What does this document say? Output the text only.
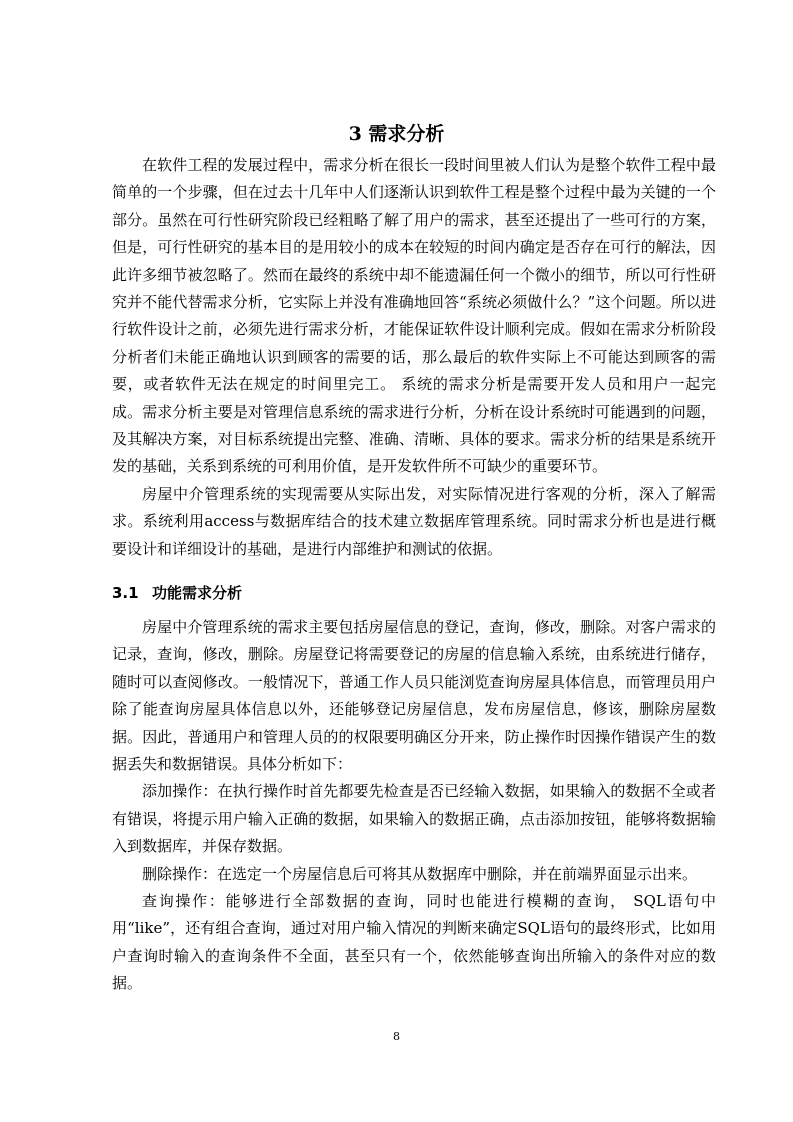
3 需求分析

在软件工程的发展过程中，需求分析在很长一段时间里被人们认为是整个软件工程中最简单的一个步骤，但在过去十几年中人们逐渐认识到软件工程是整个过程中最为关键的一个部分。虽然在可行性研究阶段已经粗略了解了用户的需求，甚至还提出了一些可行的方案，但是，可行性研究的基本目的是用较小的成本在较短的时间内确定是否存在可行的解法，因此许多细节被忽略了。然而在最终的系统中却不能遗漏任何一个微小的细节，所以可行性研究并不能代替需求分析，它实际上并没有准确地回答“系统必须做什么？”这个问题。所以进行软件设计之前，必须先进行需求分析，才能保证软件设计顺利完成。假如在需求分析阶段分析者们未能正确地认识到顾客的需要的话，那么最后的软件实际上不可能达到顾客的需要，或者软件无法在规定的时间里完工。 系统的需求分析是需要开发人员和用户一起完成。需求分析主要是对管理信息系统的需求进行分析，分析在设计系统时可能遇到的问题，及其解决方案，对目标系统提出完整、准确、清晰、具体的要求。需求分析的结果是系统开发的基础，关系到系统的可利用价值，是开发软件所不可缺少的重要环节。

房屋中介管理系统的实现需要从实际出发，对实际情况进行客观的分析，深入了解需求。系统利用access与数据库结合的技术建立数据库管理系统。同时需求分析也是进行概要设计和详细设计的基础，是进行内部维护和测试的依据。

3.1 功能需求分析

房屋中介管理系统的需求主要包括房屋信息的登记，查询，修改，删除。对客户需求的记录，查询，修改，删除。房屋登记将需要登记的房屋的信息输入系统，由系统进行储存，随时可以查阅修改。一般情况下，普通工作人员只能浏览查询房屋具体信息，而管理员用户除了能查询房屋具体信息以外，还能够登记房屋信息，发布房屋信息，修该，删除房屋数据。因此，普通用户和管理人员的的权限要明确区分开来，防止操作时因操作错误产生的数据丢失和数据错误。具体分析如下：

添加操作：在执行操作时首先都要先检查是否已经输入数据，如果输入的数据不全或者有错误，将提示用户输入正确的数据，如果输入的数据正确，点击添加按钮，能够将数据输入到数据库，并保存数据。

删除操作：在选定一个房屋信息后可将其从数据库中删除，并在前端界面显示出来。

查询操作：能够进行全部数据的查询，同时也能进行模糊的查询， SQL语句中用“like”，还有组合查询，通过对用户输入情况的判断来确定SQL语句的最终形式，比如用户查询时输入的查询条件不全面，甚至只有一个，依然能够查询出所输入的条件对应的数据。

8
